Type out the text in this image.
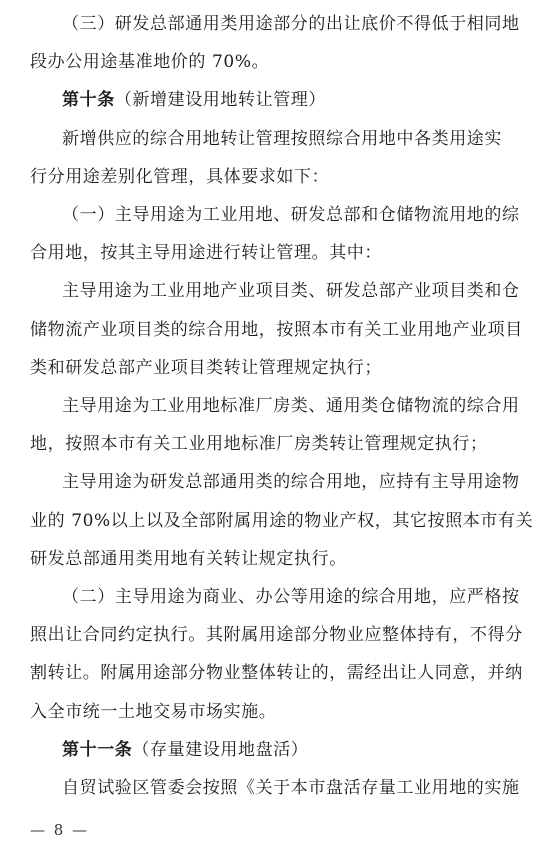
（三）研发总部通用类用途部分的出让底价不得低于相同地
段办公用途基准地价的 70%。
第十条（新增建设用地转让管理）
新增供应的综合用地转让管理按照综合用地中各类用途实
行分用途差别化管理，具体要求如下：
（一）主导用途为工业用地、研发总部和仓储物流用地的综
合用地，按其主导用途进行转让管理。其中：
主导用途为工业用地产业项目类、研发总部产业项目类和仓
储物流产业项目类的综合用地，按照本市有关工业用地产业项目
类和研发总部产业项目类转让管理规定执行；
主导用途为工业用地标准厂房类、通用类仓储物流的综合用
地，按照本市有关工业用地标准厂房类转让管理规定执行；
主导用途为研发总部通用类的综合用地，应持有主导用途物
业的 70%以上以及全部附属用途的物业产权，其它按照本市有关
研发总部通用类用地有关转让规定执行。
（二）主导用途为商业、办公等用途的综合用地，应严格按
照出让合同约定执行。其附属用途部分物业应整体持有，不得分
割转让。附属用途部分物业整体转让的，需经出让人同意，并纳
入全市统一土地交易市场实施。
第十一条（存量建设用地盘活）
自贸试验区管委会按照《关于本市盘活存量工业用地的实施
— 8 —
